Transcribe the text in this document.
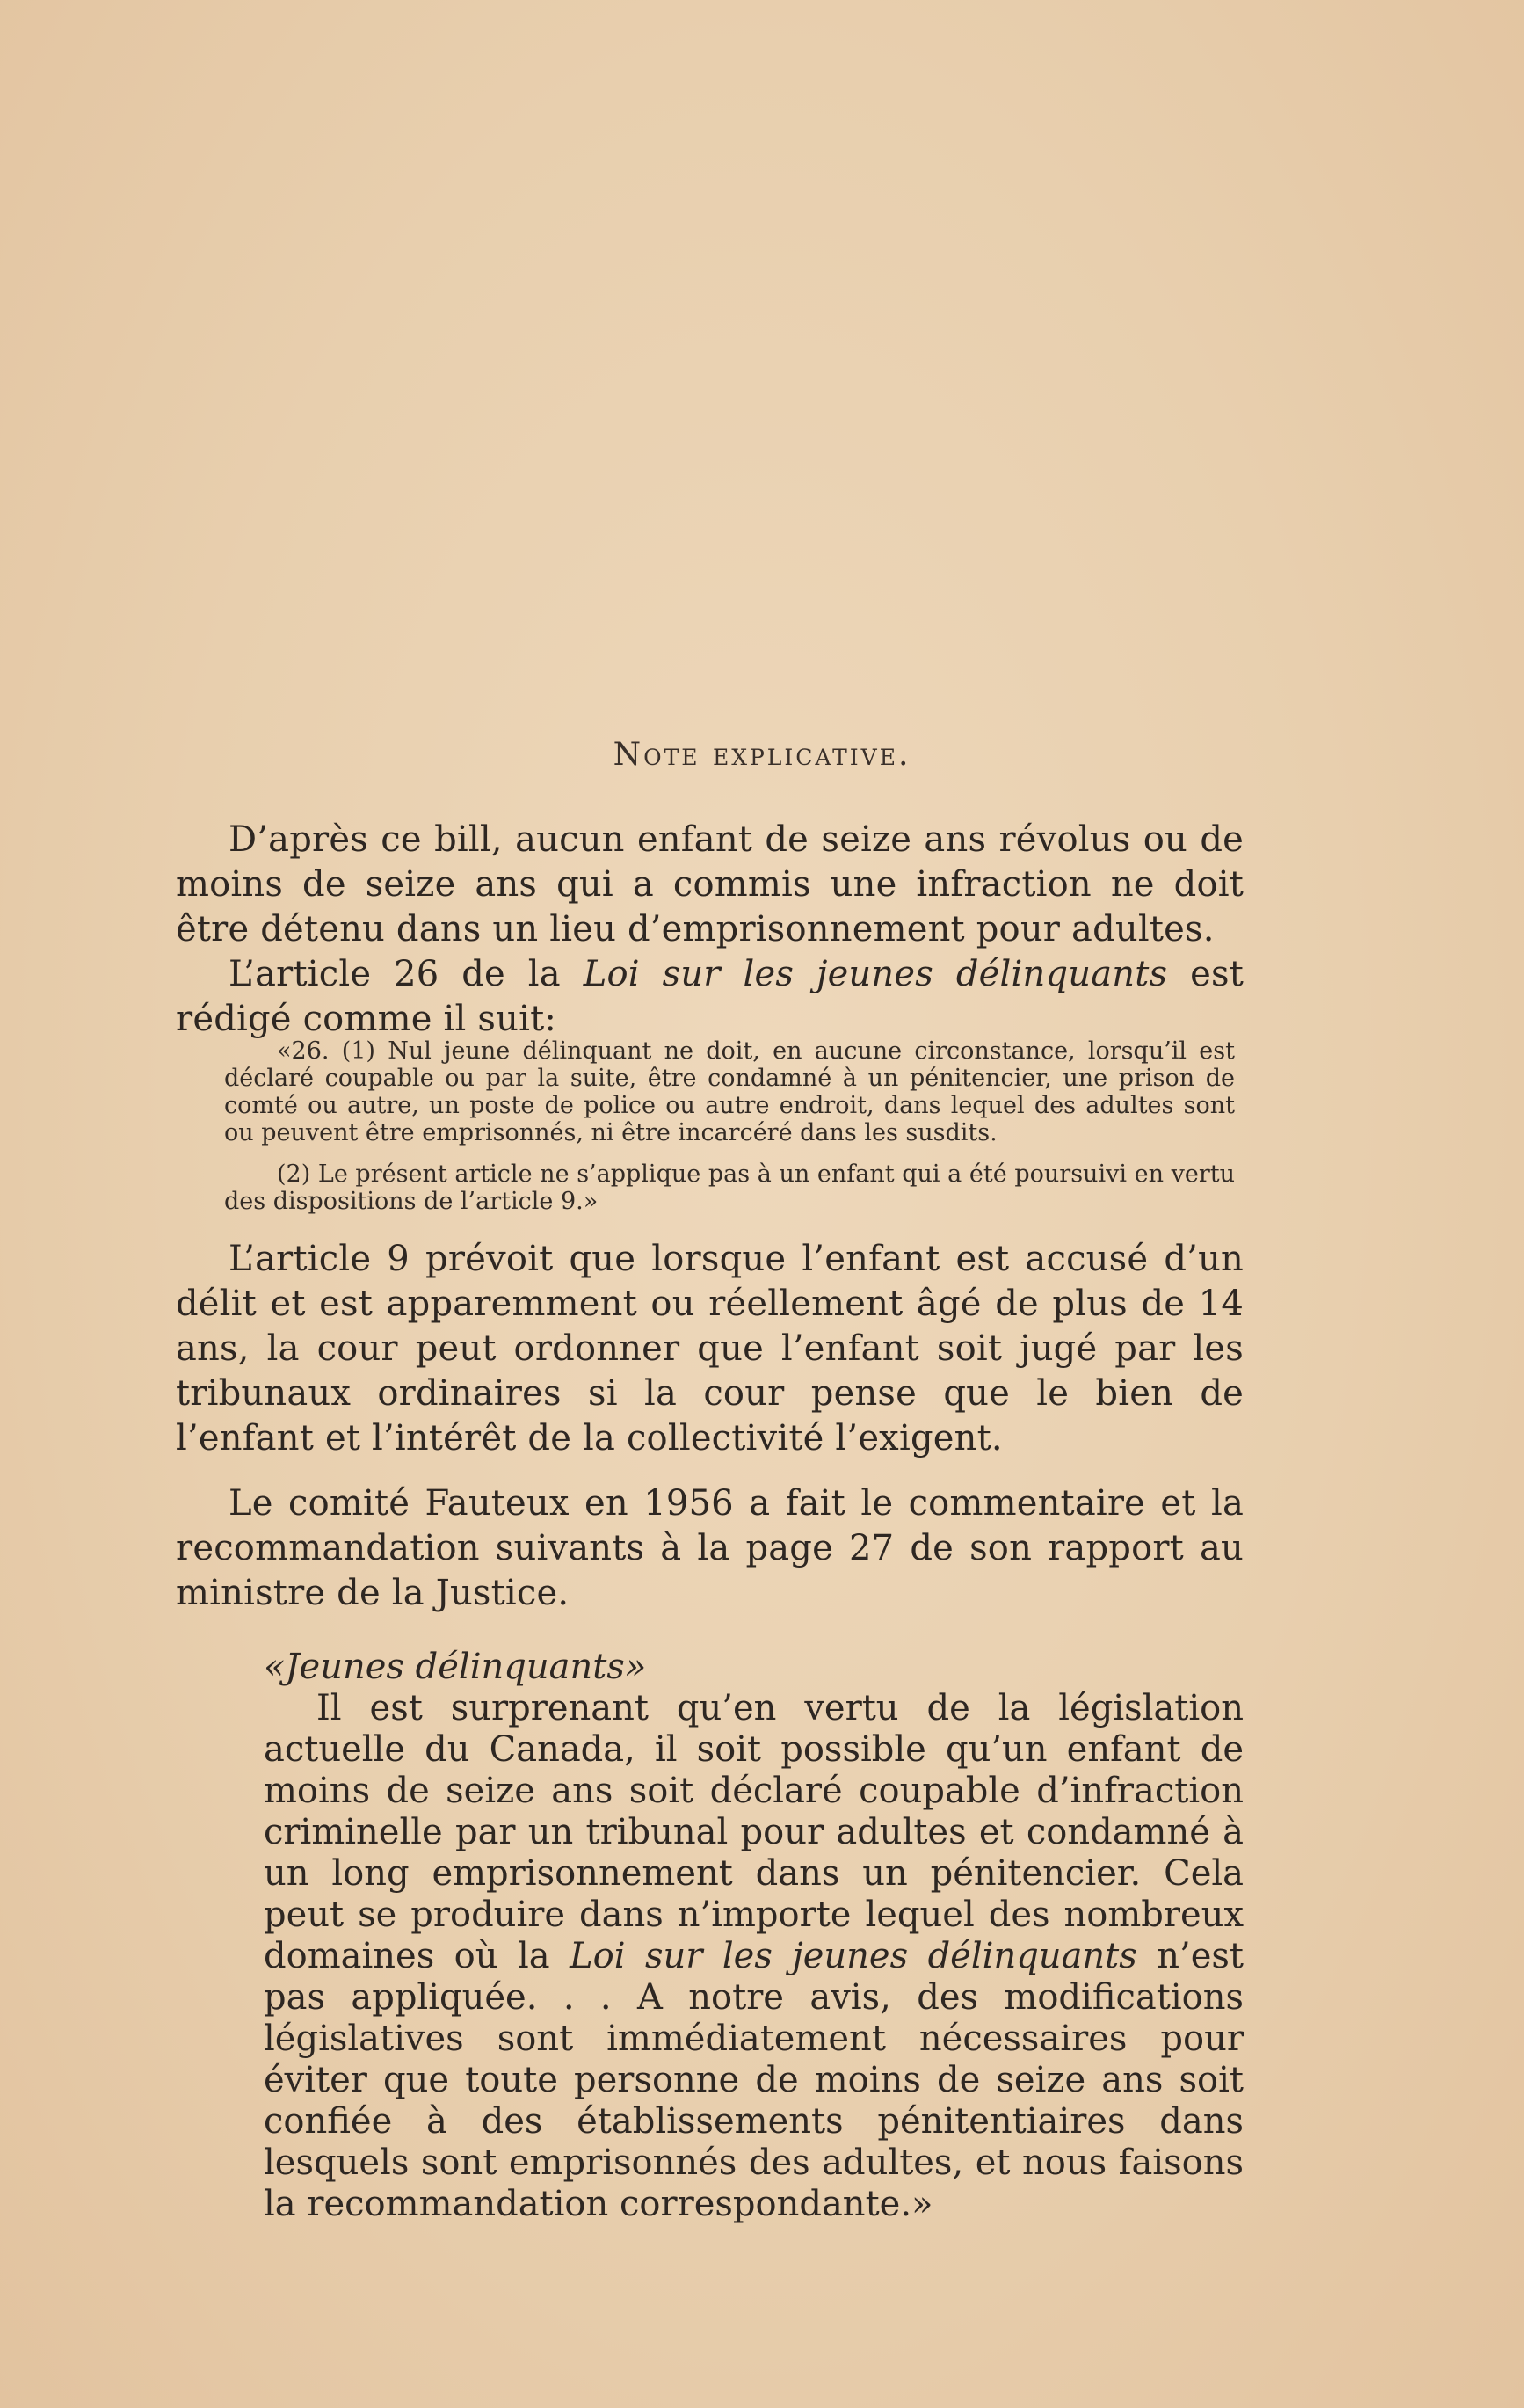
Note explicative.

D’après ce bill, aucun enfant de seize ans révolus ou de moins de seize ans qui a commis une infraction ne doit être détenu dans un lieu d’emprisonnement pour adultes.

L’article 26 de la Loi sur les jeunes délinquants est rédigé comme il suit:

«26. (1) Nul jeune délinquant ne doit, en aucune circonstance, lorsqu’il est déclaré coupable ou par la suite, être condamné à un pénitencier, une prison de comté ou autre, un poste de police ou autre endroit, dans lequel des adultes sont ou peuvent être emprisonnés, ni être incarcéré dans les susdits.

(2) Le présent article ne s’applique pas à un enfant qui a été poursuivi en vertu des dispositions de l’article 9.»

L’article 9 prévoit que lorsque l’enfant est accusé d’un délit et est apparemment ou réellement âgé de plus de 14 ans, la cour peut ordonner que l’enfant soit jugé par les tribunaux ordinaires si la cour pense que le bien de l’enfant et l’intérêt de la collectivité l’exigent.

Le comité Fauteux en 1956 a fait le commentaire et la recommandation suivants à la page 27 de son rapport au ministre de la Justice.

«Jeunes délinquants»

Il est surprenant qu’en vertu de la législation actuelle du Canada, il soit possible qu’un enfant de moins de seize ans soit déclaré coupable d’infraction criminelle par un tribunal pour adultes et condamné à un long emprisonnement dans un pénitencier. Cela peut se produire dans n’importe lequel des nombreux domaines où la Loi sur les jeunes délinquants n’est pas appliquée. . . A notre avis, des modifications législatives sont immédiatement nécessaires pour éviter que toute personne de moins de seize ans soit confiée à des établissements pénitentiaires dans lesquels sont emprisonnés des adultes, et nous faisons la recommandation correspondante.»
